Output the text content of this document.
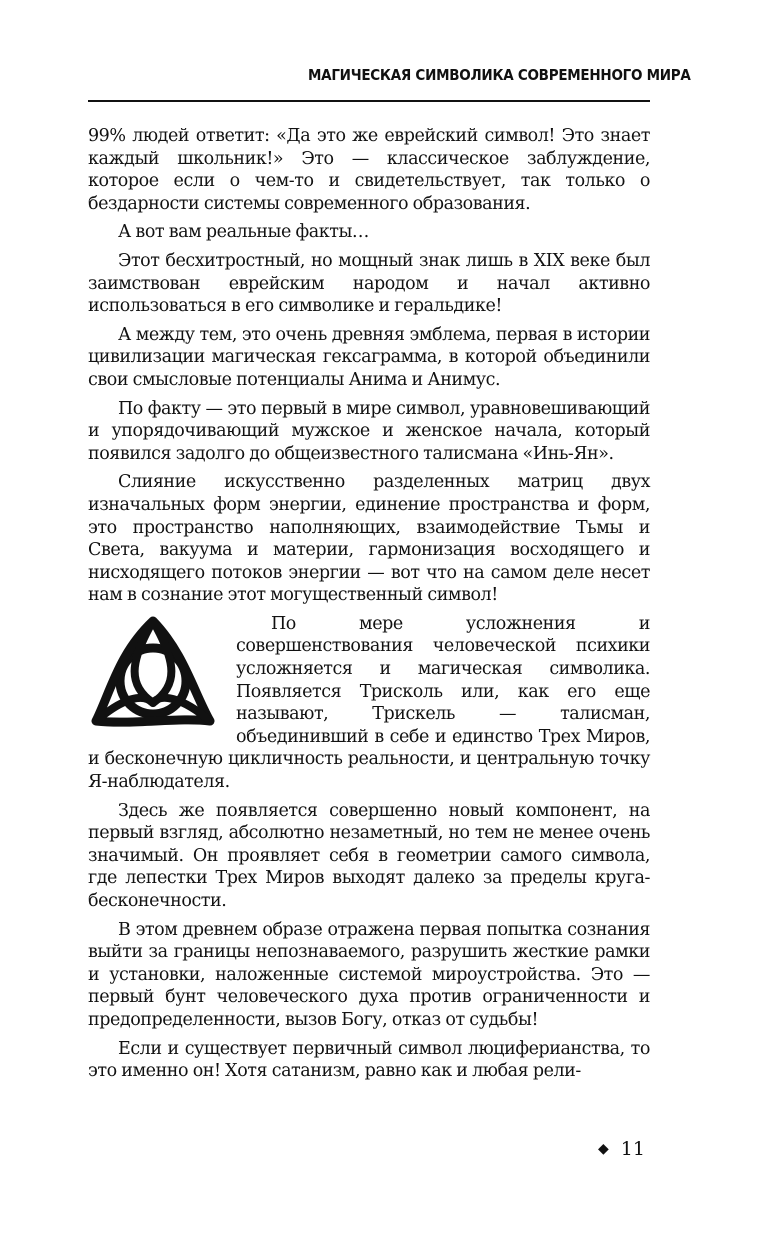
МАГИЧЕСКАЯ СИМВОЛИКА СОВРЕМЕННОГО МИРА

99% людей ответит: «Да это же еврейский символ! Это знает каждый школьник!» Это — классическое заблуждение, которое если о чем-то и свидетельствует, так только о бездарности системы современного образования.

А вот вам реальные факты…

Этот бесхитростный, но мощный знак лишь в XIX веке был заимствован еврейским народом и начал активно использоваться в его символике и геральдике!

А между тем, это очень древняя эмблема, первая в истории цивилизации магическая гексаграмма, в которой объединили свои смысловые потенциалы Анима и Анимус.

По факту — это первый в мире символ, уравновешивающий и упорядочивающий мужское и женское начала, который появился задолго до общеизвестного талисмана «Инь-Ян».

Слияние искусственно разделенных матриц двух изначальных форм энергии, единение пространства и форм, это пространство наполняющих, взаимодействие Тьмы и Света, вакуума и материи, гармонизация восходящего и нисходящего потоков энергии — вот что на самом деле несет нам в сознание этот могущественный символ!

По мере усложнения и совершенствования человеческой психики усложняется и магическая символика. Появляется Трисколь или, как его еще называют, Трискель — талисман, объединивший в себе и единство Трех Миров, и бесконечную цикличность реальности, и центральную точку Я-наблюдателя.

Здесь же появляется совершенно новый компонент, на первый взгляд, абсолютно незаметный, но тем не менее очень значимый. Он проявляет себя в геометрии самого символа, где лепестки Трех Миров выходят далеко за пределы круга-бесконечности.

В этом древнем образе отражена первая попытка сознания выйти за границы непознаваемого, разрушить жесткие рамки и установки, наложенные системой мироустройства. Это — первый бунт человеческого духа против ограниченности и предопределенности, вызов Богу, отказ от судьбы!

Если и существует первичный символ люциферианства, то это именно он! Хотя сатанизм, равно как и любая рели-

◆ 11
